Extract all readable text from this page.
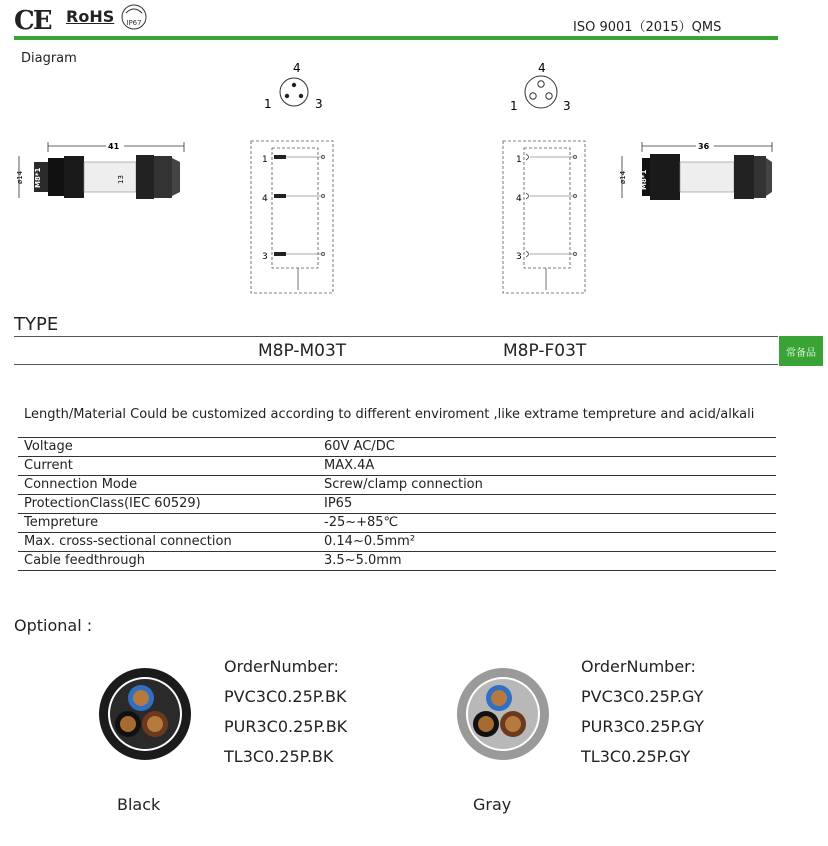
CE RoHS IP67	ISO 9001（2015）QMS
Diagram
4
1	3
4
1	3
41
ø14 M8*1	13
1
4
3
1
4
3
36
ø14 M8*1
TYPE
M8P-M03T	M8P-F03T	常备品
Length/Material Could be customized according to different enviroment ,like extrame tempreture and acid/alkali
Voltage	60V AC/DC
Current	MAX.4A
Connection Mode	Screw/clamp connection
ProtectionClass(IEC 60529)	IP65
Tempreture	-25~+85℃
Max. cross-sectional connection	0.14~0.5mm²
Cable feedthrough	3.5~5.0mm
Optional :
OrderNumber:
PVC3C0.25P.BK
PUR3C0.25P.BK
TL3C0.25P.BK
Black
OrderNumber:
PVC3C0.25P.GY
PUR3C0.25P.GY
TL3C0.25P.GY
Gray
